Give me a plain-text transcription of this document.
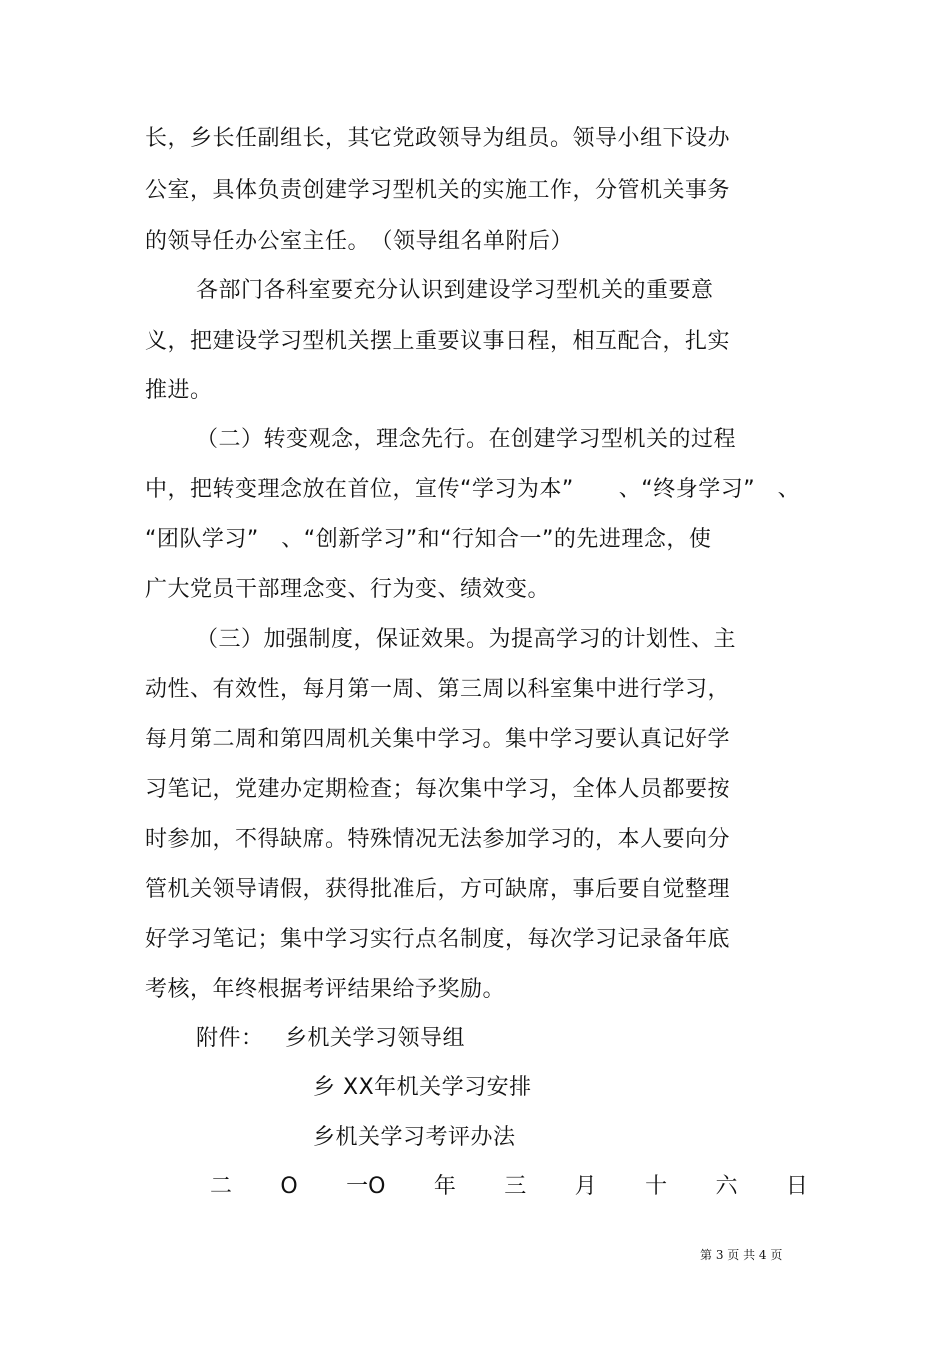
长，乡长任副组长，其它党政领导为组员。领导小组下设办
公室，具体负责创建学习型机关的实施工作，分管机关事务
的领导任办公室主任。　（领导组名单附后）
各部门各科室要充分认识到建设学习型机关的重要意
义，把建设学习型机关摆上重要议事日程，相互配合，扎实
推进。
（二）转变观念，理念先行。在创建学习型机关的过程
中，把转变理念放在首位，宣传“学习为本”　　、“终身学习”　、
“团队学习”　、“创新学习”和“行知合一”的先进理念，使
广大党员干部理念变、行为变、绩效变。
（三）加强制度，保证效果。为提高学习的计划性、主
动性、有效性，每月第一周、第三周以科室集中进行学习，
每月第二周和第四周机关集中学习。集中学习要认真记好学
习笔记，党建办定期检查；每次集中学习，全体人员都要按
时参加，不得缺席。特殊情况无法参加学习的，本人要向分
管机关领导请假，获得批准后，方可缺席，事后要自觉整理
好学习笔记；集中学习实行点名制度，每次学习记录备年底
考核，年终根据考评结果给予奖励。
附件： 乡机关学习领导组
乡 XX年机关学习安排
乡机关学习考评办法
二 O 一O 年 三 月 十 六 日
第 3 页 共 4 页
